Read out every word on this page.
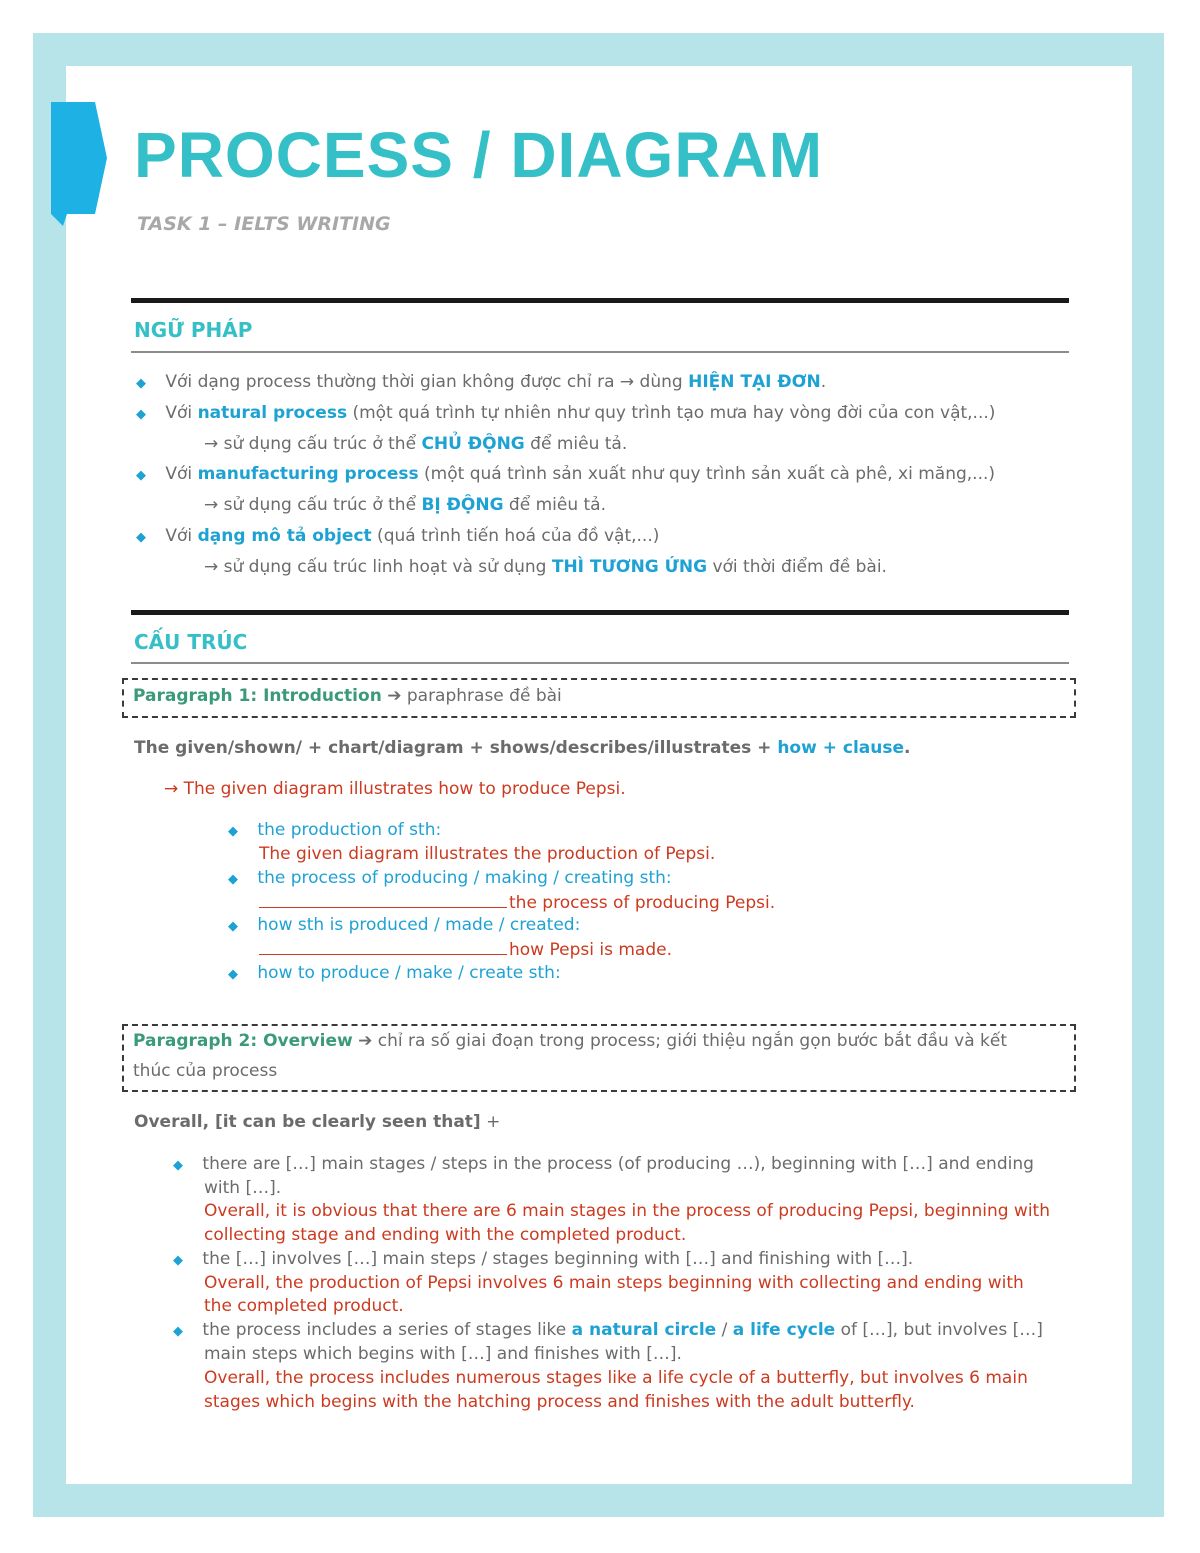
PROCESS / DIAGRAM
TASK 1 – IELTS WRITING
NGỮ PHÁP
◆ Với dạng process thường thời gian không được chỉ ra → dùng HIỆN TẠI ĐƠN.
◆ Với natural process (một quá trình tự nhiên như quy trình tạo mưa hay vòng đời của con vật,...)
→ sử dụng cấu trúc ở thể CHỦ ĐỘNG để miêu tả.
◆ Với manufacturing process (một quá trình sản xuất như quy trình sản xuất cà phê, xi măng,...)
→ sử dụng cấu trúc ở thể BỊ ĐỘNG để miêu tả.
◆ Với dạng mô tả object (quá trình tiến hoá của đồ vật,...)
→ sử dụng cấu trúc linh hoạt và sử dụng THÌ TƯƠNG ỨNG với thời điểm đề bài.
CẤU TRÚC
Paragraph 1: Introduction ➔ paraphrase đề bài
The given/shown/ + chart/diagram + shows/describes/illustrates + how + clause.
→ The given diagram illustrates how to produce Pepsi.
◆ the production of sth:
The given diagram illustrates the production of Pepsi.
◆ the process of producing / making / creating sth:
the process of producing Pepsi.
◆ how sth is produced / made / created:
how Pepsi is made.
◆ how to produce / make / create sth:
Paragraph 2: Overview ➔ chỉ ra số giai đoạn trong process; giới thiệu ngắn gọn bước bắt đầu và kết
thúc của process
Overall, [it can be clearly seen that] +
◆ there are […] main stages / steps in the process (of producing …), beginning with […] and ending
with […].
Overall, it is obvious that there are 6 main stages in the process of producing Pepsi, beginning with
collecting stage and ending with the completed product.
◆ the […] involves […] main steps / stages beginning with […] and finishing with […].
Overall, the production of Pepsi involves 6 main steps beginning with collecting and ending with
the completed product.
◆ the process includes a series of stages like a natural circle / a life cycle of […], but involves […]
main steps which begins with […] and finishes with […].
Overall, the process includes numerous stages like a life cycle of a butterfly, but involves 6 main
stages which begins with the hatching process and finishes with the adult butterfly.
